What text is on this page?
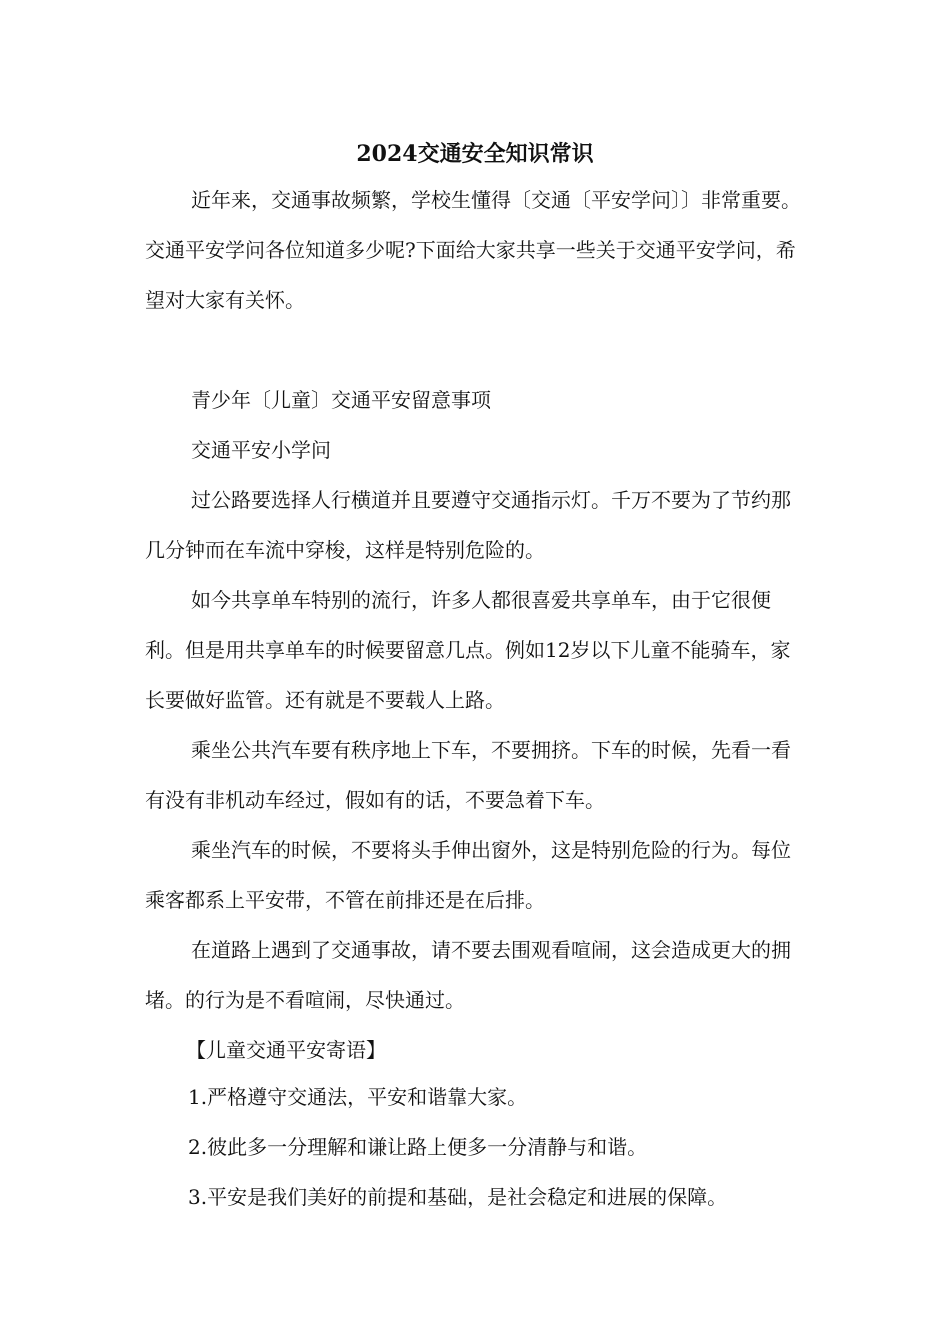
2024交通安全知识常识

近年来，交通事故频繁，学校生懂得〔交通〔平安学问〕〕非常重要。交通平安学问各位知道多少呢?下面给大家共享一些关于交通平安学问，希望对大家有关怀。

青少年〔儿童〕交通平安留意事项

交通平安小学问

过公路要选择人行横道并且要遵守交通指示灯。千万不要为了节约那几分钟而在车流中穿梭，这样是特别危险的。

如今共享单车特别的流行，许多人都很喜爱共享单车，由于它很便利。但是用共享单车的时候要留意几点。例如12岁以下儿童不能骑车，家长要做好监管。还有就是不要载人上路。

乘坐公共汽车要有秩序地上下车，不要拥挤。下车的时候，先看一看有没有非机动车经过，假如有的话，不要急着下车。

乘坐汽车的时候，不要将头手伸出窗外，这是特别危险的行为。每位乘客都系上平安带，不管在前排还是在后排。

在道路上遇到了交通事故，请不要去围观看喧闹，这会造成更大的拥堵。的行为是不看喧闹，尽快通过。

【儿童交通平安寄语】

1.严格遵守交通法，平安和谐靠大家。

2.彼此多一分理解和谦让路上便多一分清静与和谐。

3.平安是我们美好的前提和基础，是社会稳定和进展的保障。
